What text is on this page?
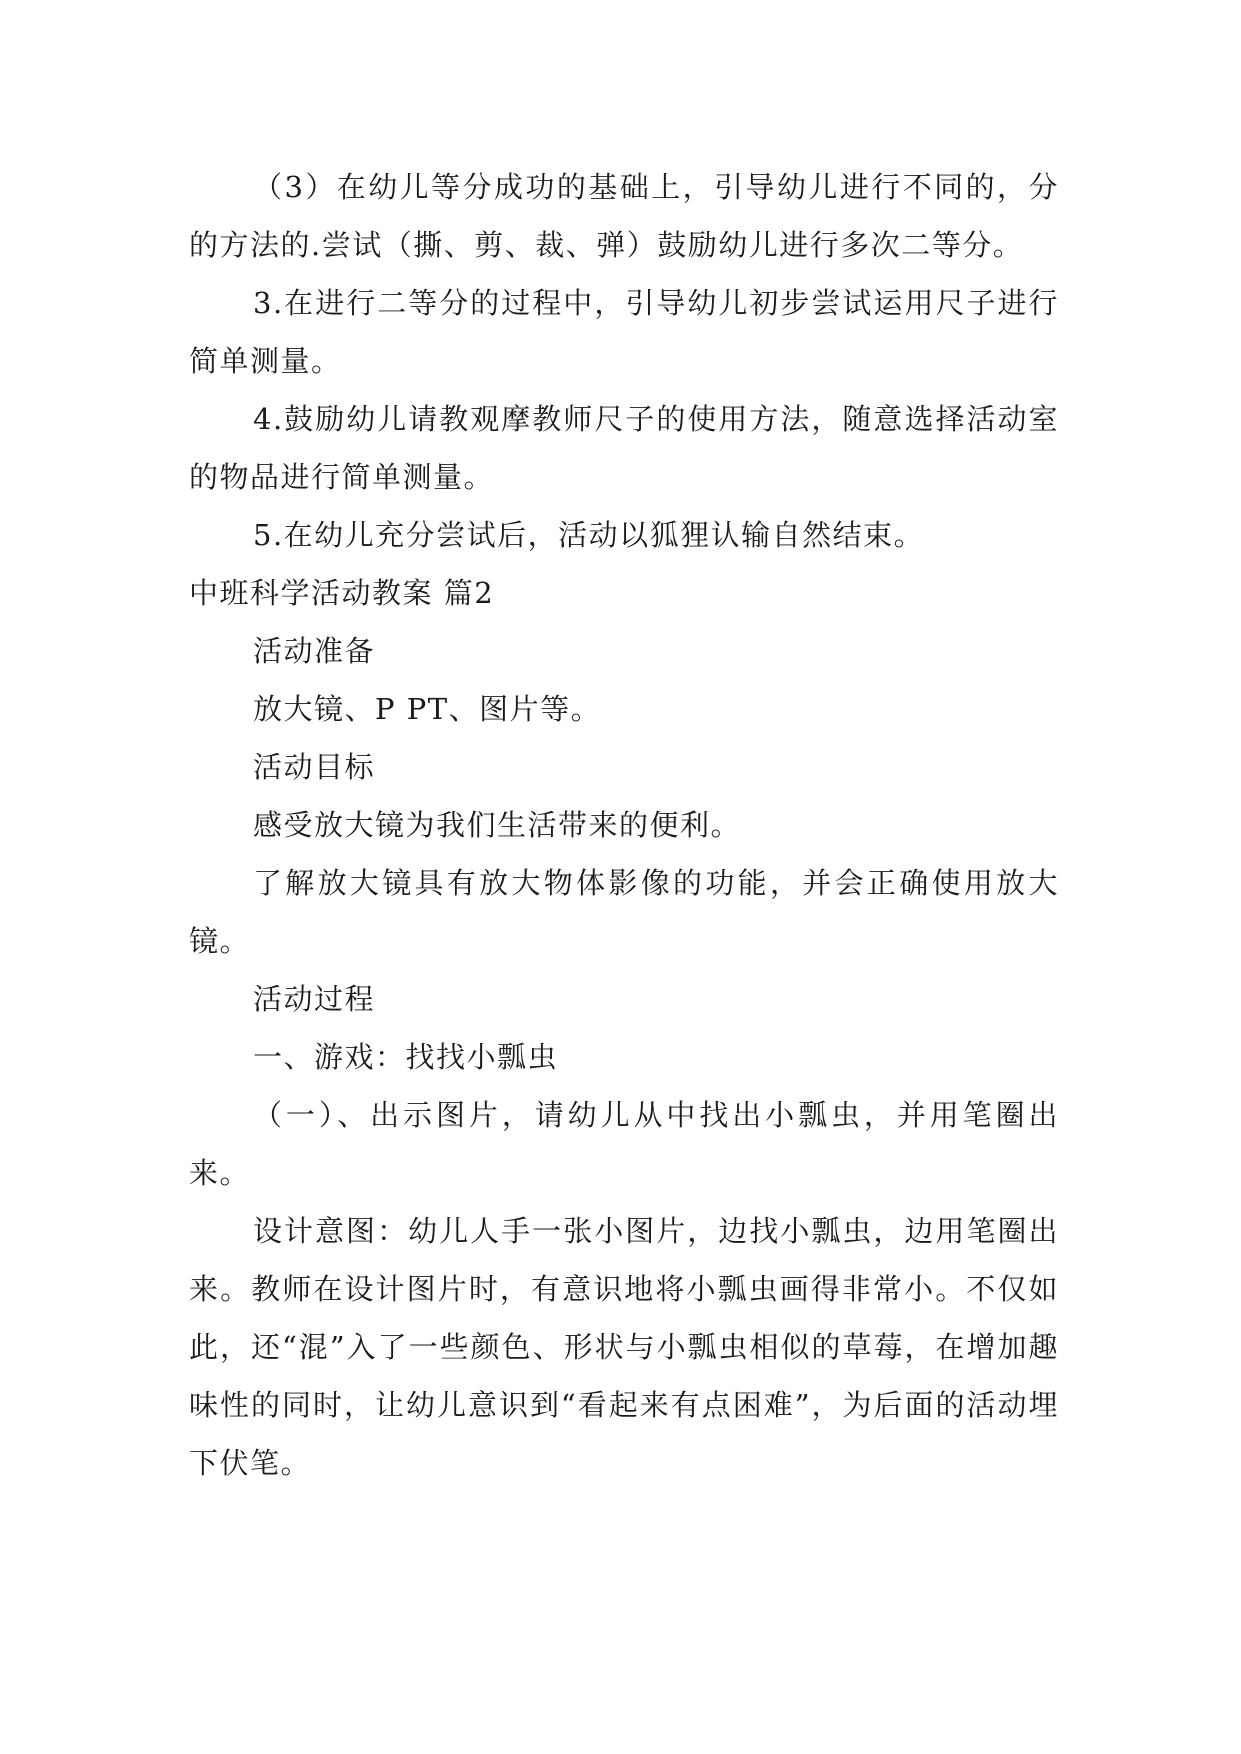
（3）在幼儿等分成功的基础上，引导幼儿进行不同的，分的方法的.尝试（撕、剪、裁、弹）鼓励幼儿进行多次二等分。

3.在进行二等分的过程中，引导幼儿初步尝试运用尺子进行简单测量。

4.鼓励幼儿请教观摩教师尺子的使用方法，随意选择活动室的物品进行简单测量。

5.在幼儿充分尝试后，活动以狐狸认输自然结束。

中班科学活动教案 篇2

活动准备

放大镜、P PT、图片等。

活动目标

感受放大镜为我们生活带来的便利。

了解放大镜具有放大物体影像的功能，并会正确使用放大镜。

活动过程

一、游戏：找找小瓢虫

（一）、出示图片，请幼儿从中找出小瓢虫，并用笔圈出来。

设计意图：幼儿人手一张小图片，边找小瓢虫，边用笔圈出来。教师在设计图片时，有意识地将小瓢虫画得非常小。不仅如此，还“混”入了一些颜色、形状与小瓢虫相似的草莓，在增加趣味性的同时，让幼儿意识到“看起来有点困难”，为后面的活动埋下伏笔。
